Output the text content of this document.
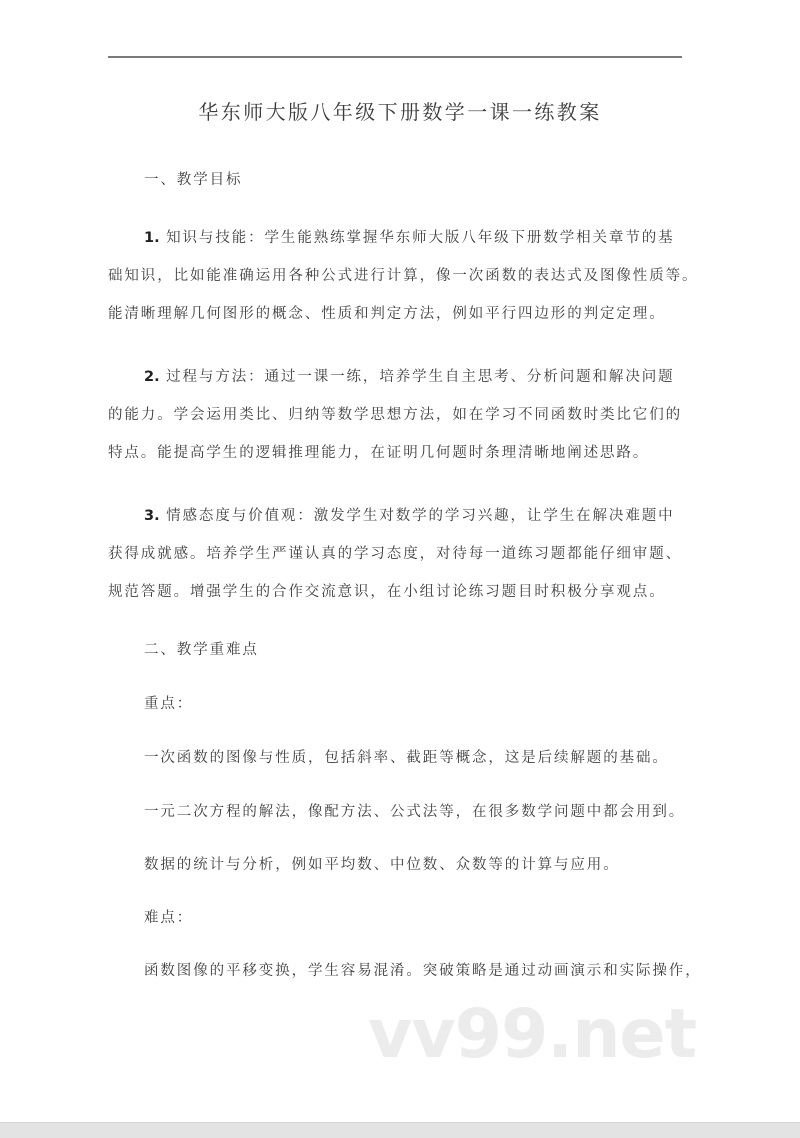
华东师大版八年级下册数学一课一练教案
一、教学目标
1. 知识与技能：学生能熟练掌握华东师大版八年级下册数学相关章节的基
础知识，比如能准确运用各种公式进行计算，像一次函数的表达式及图像性质等。
能清晰理解几何图形的概念、性质和判定方法，例如平行四边形的判定定理。
2. 过程与方法：通过一课一练，培养学生自主思考、分析问题和解决问题
的能力。学会运用类比、归纳等数学思想方法，如在学习不同函数时类比它们的
特点。能提高学生的逻辑推理能力，在证明几何题时条理清晰地阐述思路。
3. 情感态度与价值观：激发学生对数学的学习兴趣，让学生在解决难题中
获得成就感。培养学生严谨认真的学习态度，对待每一道练习题都能仔细审题、
规范答题。增强学生的合作交流意识，在小组讨论练习题目时积极分享观点。
二、教学重难点
重点：
一次函数的图像与性质，包括斜率、截距等概念，这是后续解题的基础。
一元二次方程的解法，像配方法、公式法等，在很多数学问题中都会用到。
数据的统计与分析，例如平均数、中位数、众数等的计算与应用。
难点：
函数图像的平移变换，学生容易混淆。突破策略是通过动画演示和实际操作，
vv99.net
